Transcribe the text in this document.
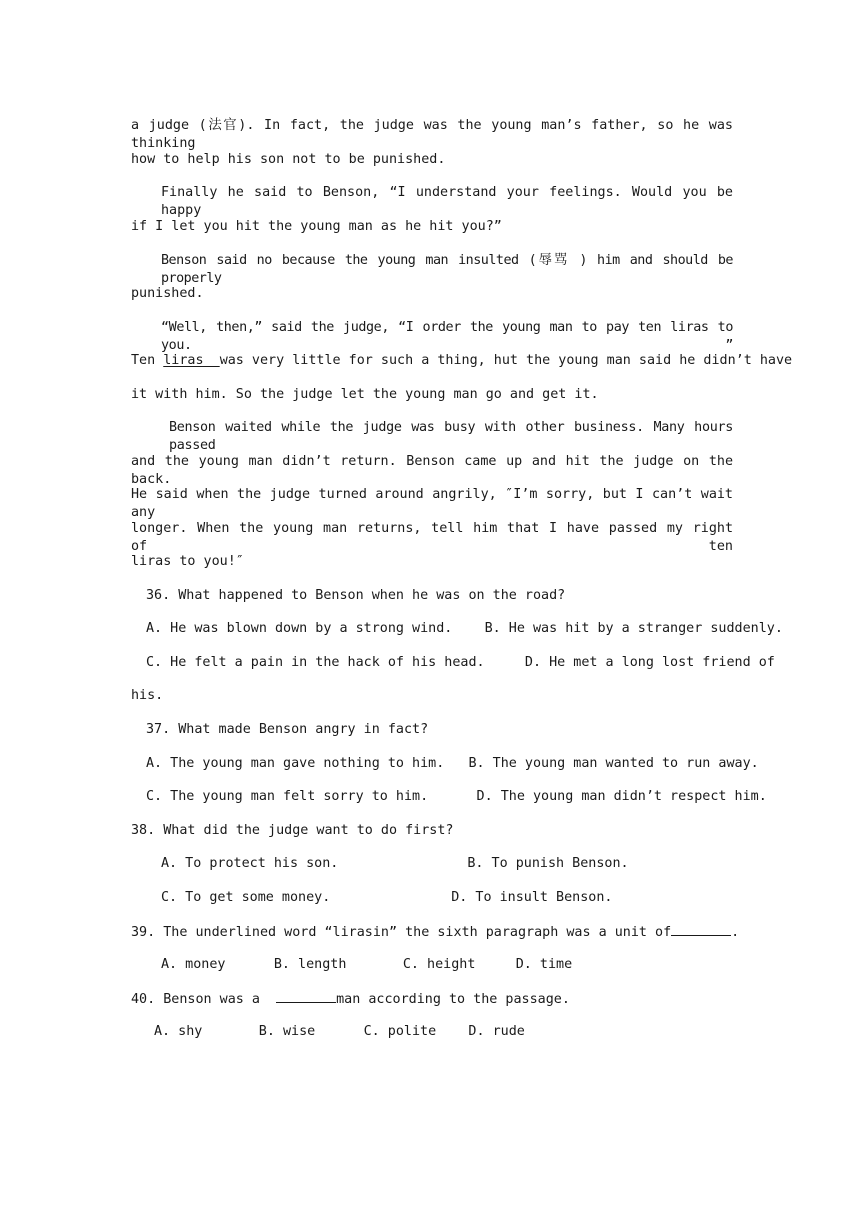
a judge (法官). In fact, the judge was the young man’s father, so he was thinking
how to help his son not to be punished.
Finally he said to Benson, “I understand your feelings. Would you be happy
if I let you hit the young man as he hit you?”
Benson said no because the young man insulted (辱骂 ) him and should be properly
punished.
“Well, then,” said the judge, “I order the young man to pay ten liras to you. ”
Ten liras  was very little for such a thing, hut the young man said he didn’t have
it with him. So the judge let the young man go and get it.
Benson waited while the judge was busy with other business. Many hours passed
and the young man didn’t return. Benson came up and hit the judge on the back.
He said when the judge turned around angrily, ″I’m sorry, but I can’t wait any
longer. When the young man returns, tell him that I have passed my right of ten
liras to you!″
36. What happened to Benson when he was on the road?
A. He was blown down by a strong wind.    B. He was hit by a stranger suddenly.
C. He felt a pain in the hack of his head.     D. He met a long lost friend of
his.
37. What made Benson angry in fact?
A. The young man gave nothing to him.   B. The young man wanted to run away.
C. The young man felt sorry to him.      D. The young man didn’t respect him.
38. What did the judge want to do first?
A. To protect his son.                B. To punish Benson.
C. To get some money.               D. To insult Benson.
39. The underlined word “lirasin” the sixth paragraph was a unit of	.
A. money      B. length       C. height     D. time
40. Benson was a	man according to the passage.
A. shy       B. wise      C. polite    D. rude
